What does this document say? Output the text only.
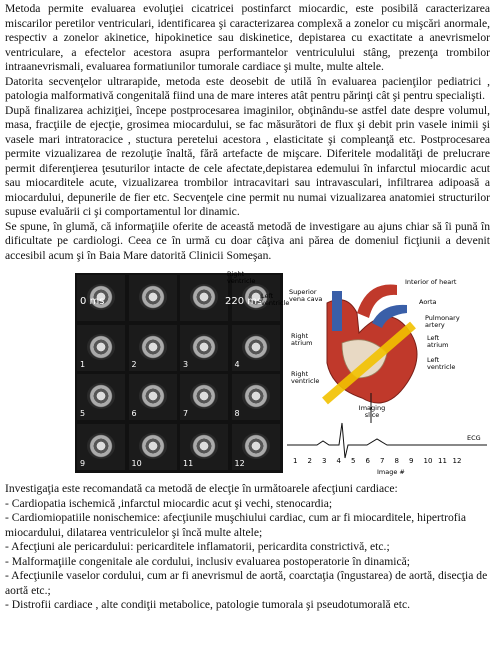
Metoda permite evaluarea evoluţiei cicatricei postinfarct miocardic, este posibilă caracterizarea miscarilor peretilor ventriculari, identificarea şi caracterizarea complexă a zonelor cu mişcări anormale, respectiv a zonelor akinetice, hipokinetice sau diskinetice, depistarea cu exactitate a anevrismelor ventriculare, a efectelor acestora asupra performantelor ventriculului stâng, prezenţa trombilor intraanevrismali, evaluarea formatiunilor tumorale cardiace şi multe, multe altele.

Datorita secvenţelor ultrarapide, metoda este deosebit de utilă în evaluarea pacienţilor pediatrici , patologia malformativă congenitală fiind una de mare interes atât pentru părinţi cât şi pentru specialişti.

După finalizarea achiziţiei, începe postprocesarea imaginilor, obţinându-se astfel date despre volumul, masa, fracţiile de ejecţie, grosimea miocardului, se fac măsurători de flux şi debit prin vasele inimii şi vasele mari intratoracice , stuctura peretelui acestora , elasticitate şi compleanţă etc. Postprocesarea permite vizualizarea de rezoluţie înaltă, fără artefacte de mişcare. Diferitele modalităţi de prelucrare permit diferenţierea ţesuturilor intacte de cele afectate,depistarea edemului în infarctul miocardic acut sau miocarditele acute, vizualizarea trombilor intracavitari sau intravasculari, infiltrarea adipoasă a miocardului, depunerile de fier etc. Secvenţele cine permit nu numai vizualizarea anatomiei structurilor supuse evaluării ci şi comportamentul lor dinamic.

Se spune, în glumă, că informaţiile oferite de această metodă de investigare au ajuns chiar să îi pună în dificultate pe cardiologi. Ceea ce în urmă cu doar câţiva ani părea de domeniul ficţiunii a devenit accesibil acum şi în Baia Mare datorită Clinicii Someşan.

12
11
10
9
8
7
6
5
4
3
2
1
0 ms	220 ms
Right ventricle
Left ventricle
1 2 3 4 5 6 7 8 9 10 11 12
Interior of heart
Superior vena cava	Aorta
Pulmonary artery
Left atrium
Right atrium
Left ventricle
Right ventricle
Imaging slice
ECG
Image #

Investigaţia este recomandată ca metodă de elecţie în următoarele afecţiuni cardiace:

- Cardiopatia ischemică ,infarctul miocardic acut şi vechi, stenocardia;

- Cardiomiopatiile nonischemice: afecţiunile muşchiului cardiac, cum ar fi miocarditele, hipertrofia miocardului, dilatarea ventriculelor şi încă multe altele;

- Afecţiuni ale pericardului: pericarditele inflamatorii, pericardita constrictivă, etc.;

- Malformaţiile congenitale ale cordului, inclusiv evaluarea postoperatorie în dinamică;

- Afecţiunile vaselor cordului, cum ar fi anevrismul de aortă, coarctaţia (îngustarea) de aortă, disecţia de aortă etc.;

- Distrofii cardiace , alte condiţii metabolice, patologie tumorala şi pseudotumorală etc.
